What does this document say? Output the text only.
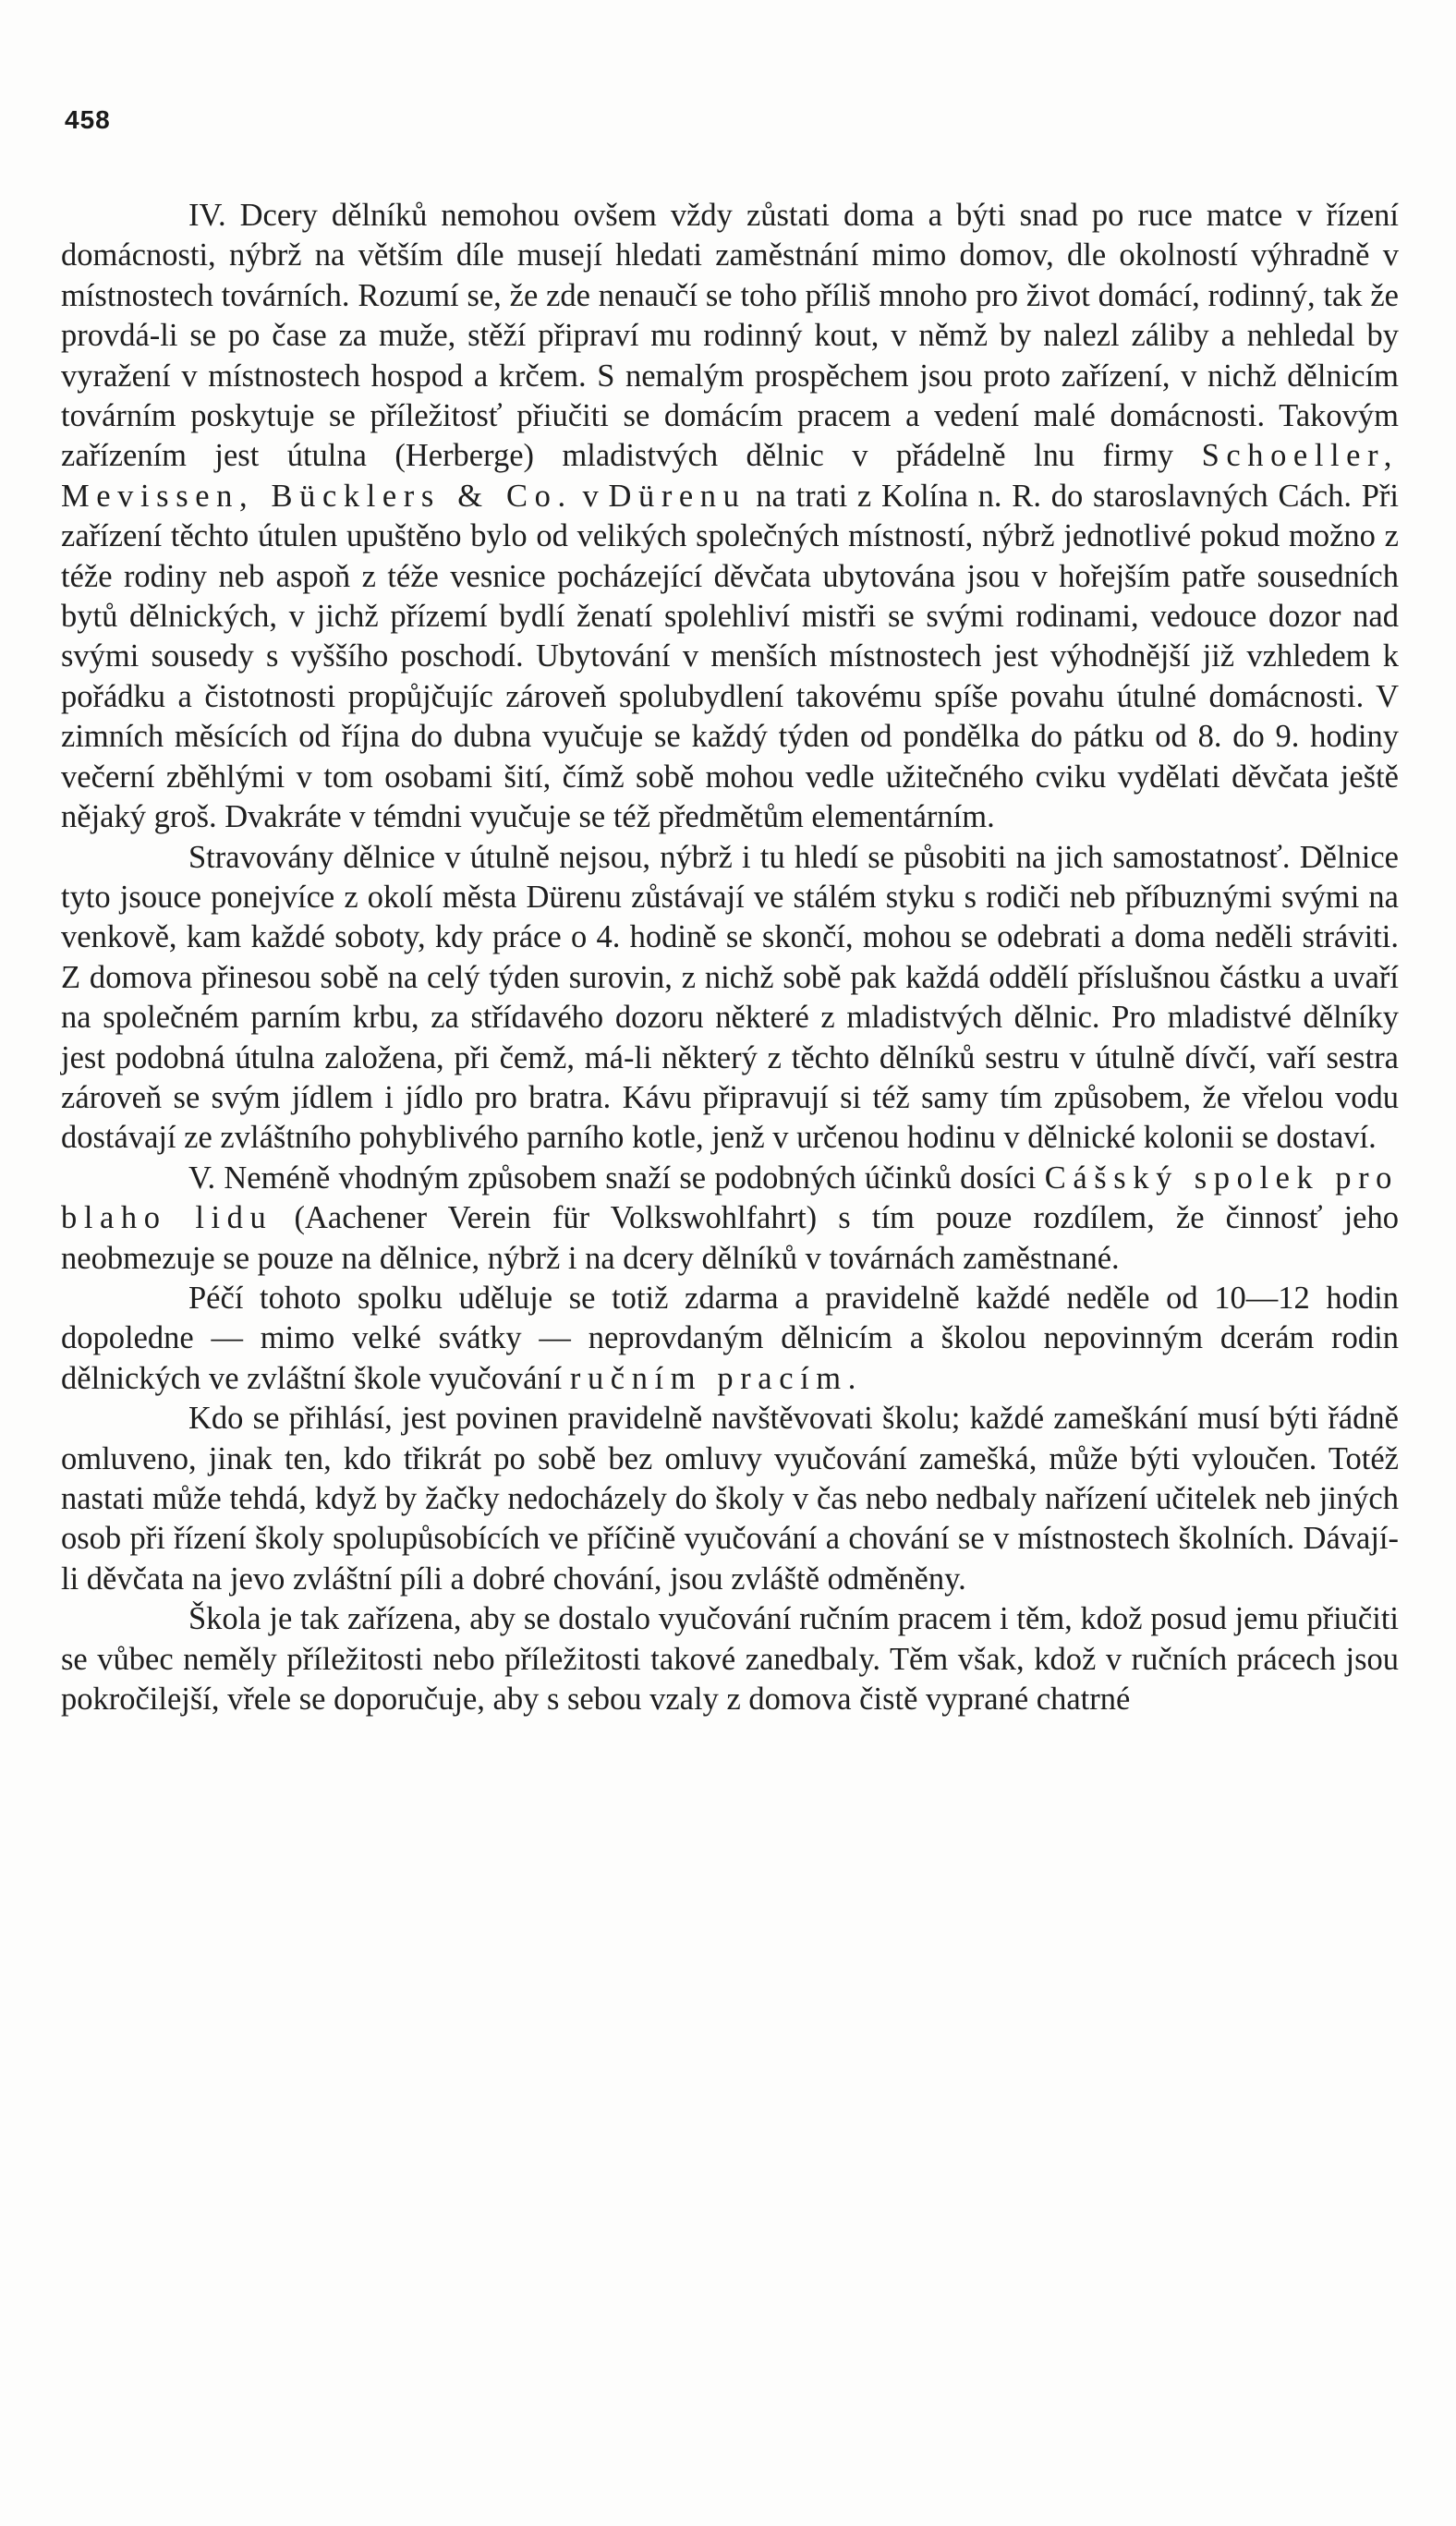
458

IV. Dcery dělníků nemohou ovšem vždy zůstati doma a býti snad po ruce matce v řízení domácnosti, nýbrž na větším díle musejí hledati zaměstnání mimo domov, dle okolností výhradně v místnostech továrních. Rozumí se, že zde nenaučí se toho příliš mnoho pro život domácí, rodinný, tak že provdá-li se po čase za muže, stěží připraví mu rodinný kout, v němž by nalezl záliby a nehledal by vyražení v místnostech hospod a krčem. S nemalým prospěchem jsou proto zařízení, v nichž dělnicím továrním poskytuje se příležitosť přiučiti se domácím pracem a vedení malé domácnosti. Takovým zařízením jest útulna (Herberge) mladistvých dělnic v přádelně lnu firmy Schoeller, Mevissen, Bücklers & Co. v Dürenu na trati z Kolína n. R. do staroslavných Cách. Při zařízení těchto útulen upuštěno bylo od velikých společných místností, nýbrž jednotlivé pokud možno z téže rodiny neb aspoň z téže vesnice pocházející děvčata ubytována jsou v hořejším patře sousedních bytů dělnických, v jichž přízemí bydlí ženatí spolehliví mistři se svými rodinami, vedouce dozor nad svými sousedy s vyššího poschodí. Ubytování v menších místnostech jest výhodnější již vzhledem k pořádku a čistotnosti propůjčujíc zároveň spolubydlení takovému spíše povahu útulné domácnosti. V zimních měsících od října do dubna vyučuje se každý týden od pondělka do pátku od 8. do 9. hodiny večerní zběhlými v tom osobami šití, čímž sobě mohou vedle užitečného cviku vydělati děvčata ještě nějaký groš. Dvakráte v témdni vyučuje se též předmětům elementárním.

Stravovány dělnice v útulně nejsou, nýbrž i tu hledí se působiti na jich samostatnosť. Dělnice tyto jsouce ponejvíce z okolí města Dürenu zůstávají ve stálém styku s rodiči neb příbuznými svými na venkově, kam každé soboty, kdy práce o 4. hodině se skončí, mohou se odebrati a doma neděli stráviti. Z domova přinesou sobě na celý týden surovin, z nichž sobě pak každá oddělí příslušnou částku a uvaří na společném parním krbu, za střídavého dozoru některé z mladistvých dělnic. Pro mladistvé dělníky jest podobná útulna založena, při čemž, má-li některý z těchto dělníků sestru v útulně dívčí, vaří sestra zároveň se svým jídlem i jídlo pro bratra. Kávu připravují si též samy tím způsobem, že vřelou vodu dostávají ze zvláštního pohyblivého parního kotle, jenž v určenou hodinu v dělnické kolonii se dostaví.

V. Neméně vhodným způsobem snaží se podobných účinků dosíci Cášský spolek pro blaho lidu (Aachener Verein für Volkswohlfahrt) s tím pouze rozdílem, že činnosť jeho neobmezuje se pouze na dělnice, nýbrž i na dcery dělníků v továrnách zaměstnané.

Péčí tohoto spolku uděluje se totiž zdarma a pravidelně každé neděle od 10—12 hodin dopoledne — mimo velké svátky — neprovdaným dělnicím a školou nepovinným dcerám rodin dělnických ve zvláštní škole vyučování ručním pracím.

Kdo se přihlásí, jest povinen pravidelně navštěvovati školu; každé zameškání musí býti řádně omluveno, jinak ten, kdo třikrát po sobě bez omluvy vyučování zamešká, může býti vyloučen. Totéž nastati může tehdá, když by žačky nedocházely do školy v čas nebo nedbaly nařízení učitelek neb jiných osob při řízení školy spolupůsobících ve příčině vyučování a chování se v místnostech školních. Dávají-li děvčata na jevo zvláštní píli a dobré chování, jsou zvláště odměněny.

Škola je tak zařízena, aby se dostalo vyučování ručním pracem i těm, kdož posud jemu přiučiti se vůbec neměly příležitosti nebo příležitosti takové zanedbaly. Těm však, kdož v ručních prácech jsou pokročilejší, vřele se doporučuje, aby s sebou vzaly z domova čistě vyprané chatrné
